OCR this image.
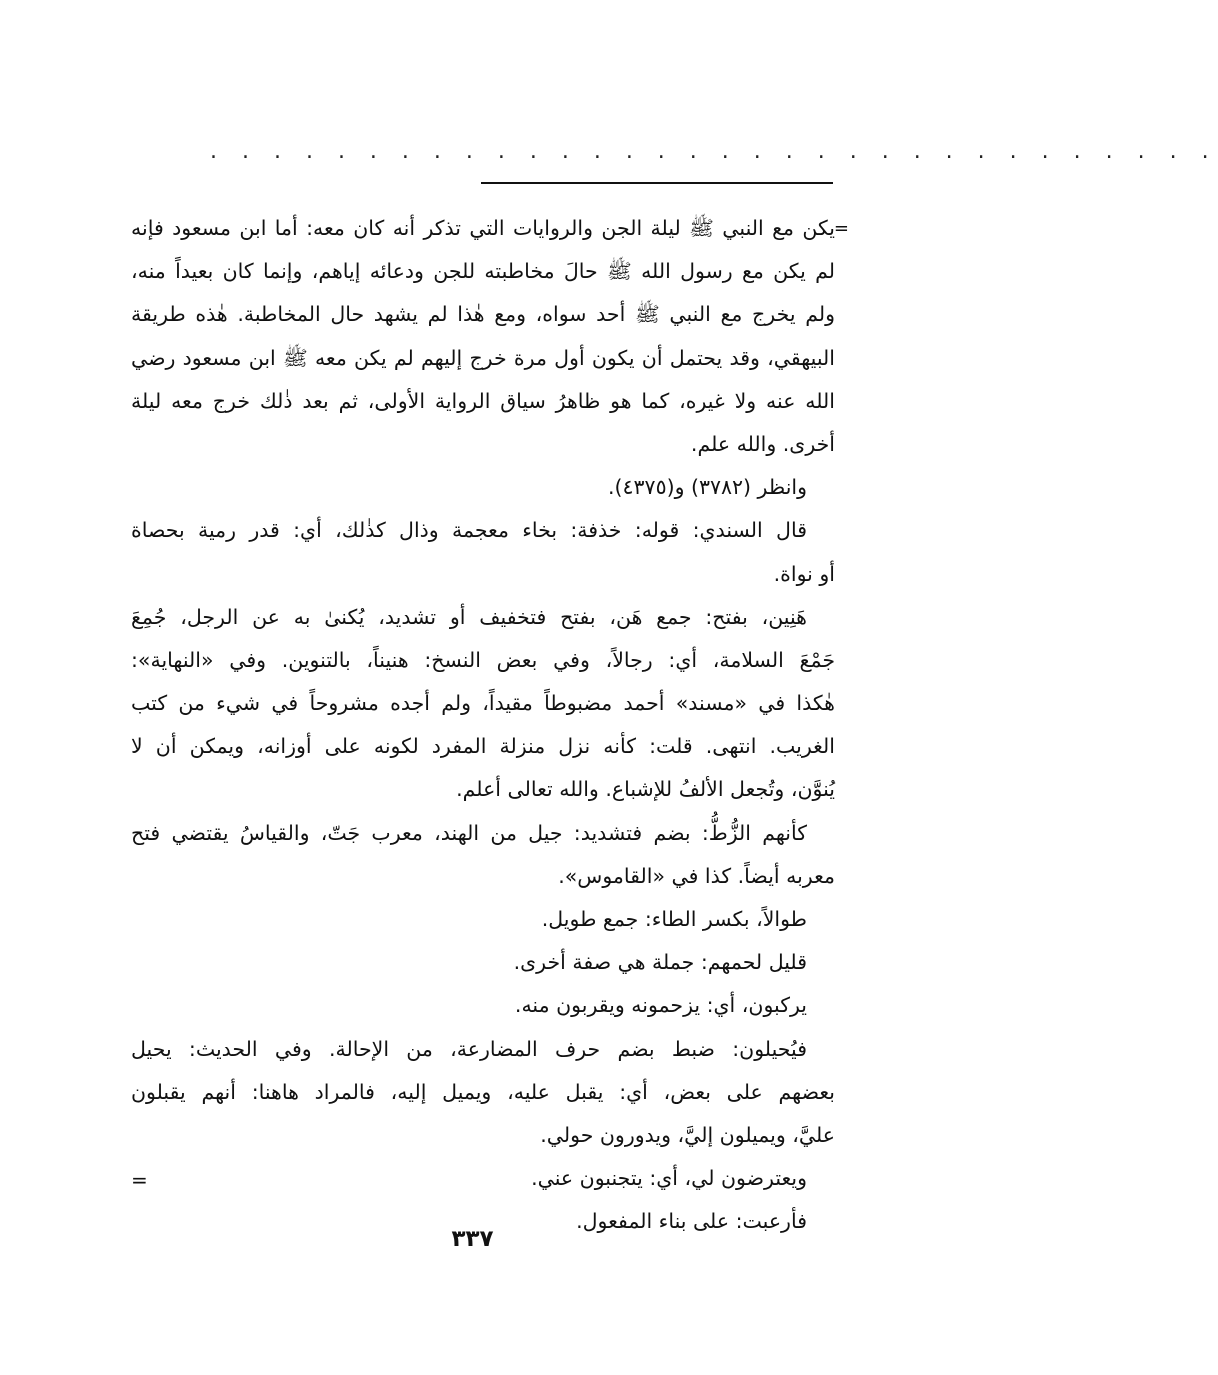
. . . . . . . . . . . . . . . . . . . . . . . . . . . . . . . .
=
يكن مع النبي ﷺ ليلة الجن والروايات التي تذكر أنه كان معه: أما ابن مسعود فإنه
لم يكن مع رسول الله ﷺ حالَ مخاطبته للجن ودعائه إياهم، وإنما كان بعيداً منه،
ولم يخرج مع النبي ﷺ أحد سواه، ومع هٰذا لم يشهد حال المخاطبة. هٰذه طريقة
البيهقي، وقد يحتمل أن يكون أول مرة خرج إليهم لم يكن معه ﷺ ابن مسعود رضي
الله عنه ولا غيره، كما هو ظاهرُ سياق الرواية الأولى، ثم بعد ذٰلك خرج معه ليلة
أخرى. والله علم.
وانظر (٣٧٨٢) و(٤٣٧٥).
قال السندي: قوله: خذفة: بخاء معجمة وذال كذٰلك، أي: قدر رمية بحصاة
أو نواة.
هَنِين، بفتح: جمع هَن، بفتح فتخفيف أو تشديد، يُكنىٰ به عن الرجل، جُمِعَ
جَمْعَ السلامة، أي: رجالاً، وفي بعض النسخ: هنيناً، بالتنوين. وفي «النهاية»:
هٰكذا في «مسند» أحمد مضبوطاً مقيداً، ولم أجده مشروحاً في شيء من كتب
الغريب. انتهى. قلت: كأنه نزل منزلة المفرد لكونه على أوزانه، ويمكن أن لا
يُنوَّن، وتُجعل الألفُ للإشباع. والله تعالى أعلم.
كأنهم الزُّطُّ: بضم فتشديد: جيل من الهند، معرب جَتّ، والقياسُ يقتضي فتح
معربه أيضاً. كذا في «القاموس».
طوالاً، بكسر الطاء: جمع طويل.
قليل لحمهم: جملة هي صفة أخرى.
يركبون، أي: يزحمونه ويقربون منه.
فيُحيلون: ضبط بضم حرف المضارعة، من الإحالة. وفي الحديث: يحيل
بعضهم على بعض، أي: يقبل عليه، ويميل إليه، فالمراد هاهنا: أنهم يقبلون
عليَّ، ويميلون إليَّ، ويدورون حولي.
ويعترضون لي، أي: يتجنبون عني.
فأرعبت: على بناء المفعول.
=
٣٣٧
